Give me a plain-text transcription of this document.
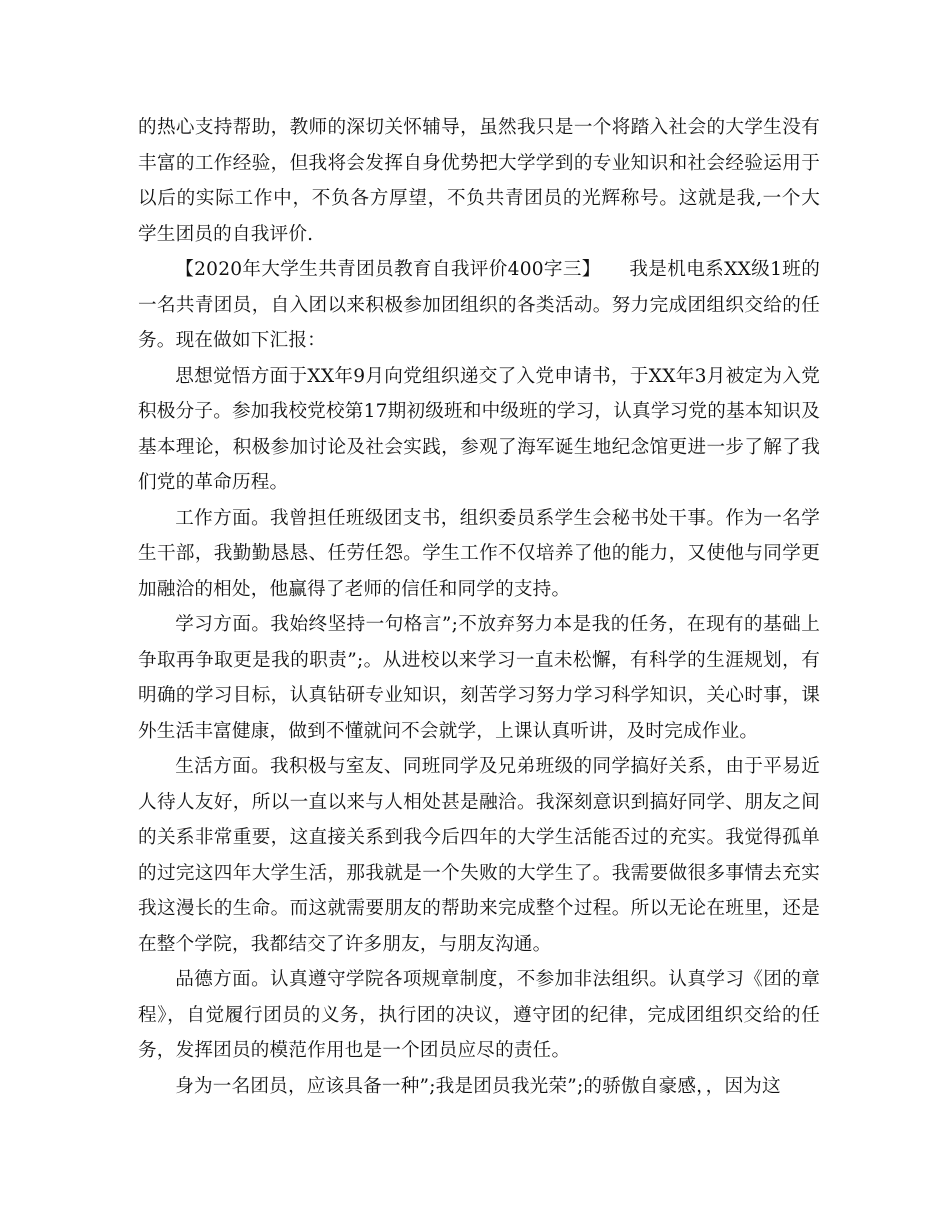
的热心支持帮助，教师的深切关怀辅导，虽然我只是一个将踏入社会的大学生没有丰富的工作经验，但我将会发挥自身优势把大学学到的专业知识和社会经验运用于以后的实际工作中，不负各方厚望，不负共青团员的光辉称号。这就是我,一个大学生团员的自我评价.

【2020年大学生共青团员教育自我评价400字三】　　我是机电系XX级1班的一名共青团员，自入团以来积极参加团组织的各类活动。努力完成团组织交给的任务。现在做如下汇报：

思想觉悟方面于XX年9月向党组织递交了入党申请书，于XX年3月被定为入党积极分子。参加我校党校第17期初级班和中级班的学习，认真学习党的基本知识及基本理论，积极参加讨论及社会实践，参观了海军诞生地纪念馆更进一步了解了我们党的革命历程。

工作方面。我曾担任班级团支书，组织委员系学生会秘书处干事。作为一名学生干部，我勤勤恳恳、任劳任怨。学生工作不仅培养了他的能力，又使他与同学更加融洽的相处，他赢得了老师的信任和同学的支持。

学习方面。我始终坚持一句格言”;不放弃努力本是我的任务，在现有的基础上争取再争取更是我的职责”;。从进校以来学习一直未松懈，有科学的生涯规划，有明确的学习目标，认真钻研专业知识，刻苦学习努力学习科学知识，关心时事，课外生活丰富健康，做到不懂就问不会就学，上课认真听讲，及时完成作业。

生活方面。我积极与室友、同班同学及兄弟班级的同学搞好关系，由于平易近人待人友好，所以一直以来与人相处甚是融洽。我深刻意识到搞好同学、朋友之间的关系非常重要，这直接关系到我今后四年的大学生活能否过的充实。我觉得孤单的过完这四年大学生活，那我就是一个失败的大学生了。我需要做很多事情去充实我这漫长的生命。而这就需要朋友的帮助来完成整个过程。所以无论在班里，还是在整个学院，我都结交了许多朋友，与朋友沟通。

品德方面。认真遵守学院各项规章制度，不参加非法组织。认真学习《团的章程》，自觉履行团员的义务，执行团的决议，遵守团的纪律，完成团组织交给的任务，发挥团员的模范作用也是一个团员应尽的责任。

身为一名团员，应该具备一种”;我是团员我光荣”;的骄傲自豪感，，因为这
